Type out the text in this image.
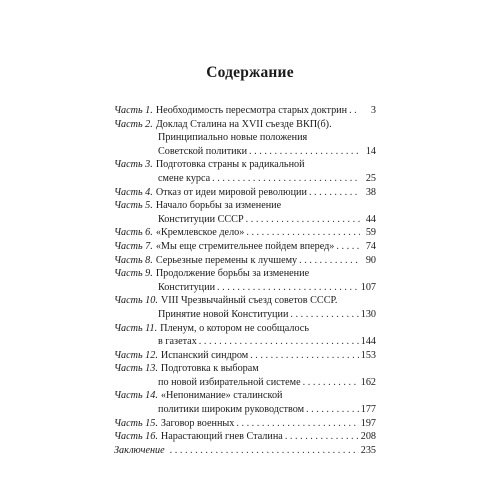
Содержание
Часть 1. Необходимость пересмотра старых доктрин . . .	3
Часть 2. Доклад Сталина на XVII съезде ВКП(б).
Принципиально новые положения
Советской политики . . .	14
Часть 3. Подготовка страны к радикальной
смене курса . . .	25
Часть 4. Отказ от идеи мировой революции . . .	38
Часть 5. Начало борьбы за изменение
Конституции СССР . . .	44
Часть 6. «Кремлевское дело» . . .	59
Часть 7. «Мы еще стремительнее пойдем вперед» . . .	74
Часть 8. Серьезные перемены к лучшему . . .	90
Часть 9. Продолжение борьбы за изменение
Конституции . . .	107
Часть 10. VIII Чрезвычайный съезд советов СССР.
Принятие новой Конституции . . .	130
Часть 11. Пленум, о котором не сообщалось
в газетах . . .	144
Часть 12. Испанский синдром . . .	153
Часть 13. Подготовка к выборам
по новой избирательной системе . . .	162
Часть 14. «Непонимание» сталинской
политики широким руководством . . .	177
Часть 15. Заговор военных . . .	197
Часть 16. Нарастающий гнев Сталина . . .	208
Заключение . . .	235
